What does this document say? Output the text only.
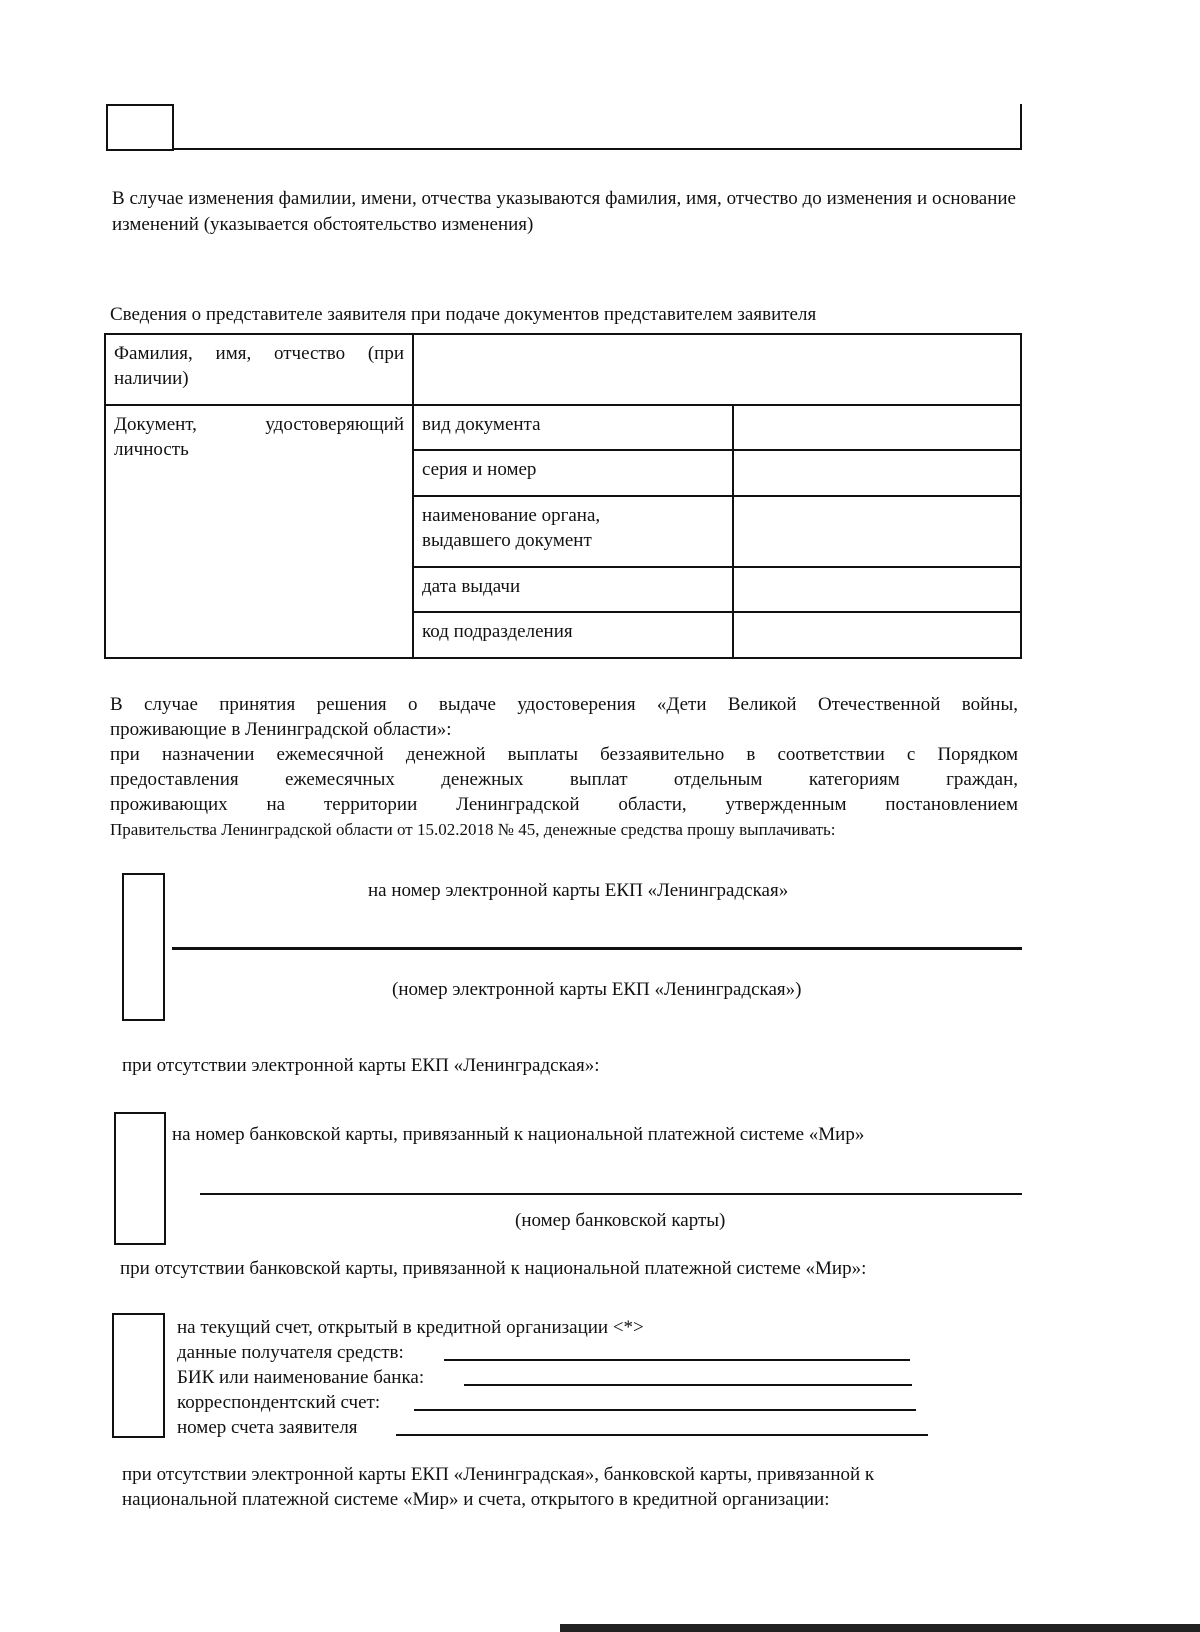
В случае изменения фамилии, имени, отчества указываются фамилия, имя, отчество до изменения и основание изменений (указывается обстоятельство изменения)
Сведения о представителе заявителя при подаче документов представителем заявителя
Фамилия, имя, отчество (при наличии)		

Документ, удостоверяющий личность	вид документа	
	серия и номер	

	наименование органа,
выдавшего документ	

	дата выдачи	
	код подразделения	
В случае принятия решения о выдаче удостоверения «Дети Великой Отечественной войны,
проживающие в Ленинградской области»:
при назначении ежемесячной денежной выплаты беззаявительно в соответствии с Порядком
предоставления ежемесячных денежных выплат отдельным категориям граждан,
проживающих на территории Ленинградской области, утвержденным постановлением
Правительства Ленинградской области от 15.02.2018 № 45, денежные средства прошу выплачивать:
на номер электронной карты ЕКП «Ленинградская»
(номер электронной карты ЕКП «Ленинградская»)
при отсутствии электронной карты ЕКП «Ленинградская»:
на номер банковской карты, привязанный к национальной платежной системе «Мир»
(номер банковской карты)
при отсутствии банковской карты, привязанной к национальной платежной системе «Мир»:
на текущий счет, открытый в кредитной организации <*>
данные получателя средств:
БИК или наименование банка:
корреспондентский счет:
номер счета заявителя
при отсутствии электронной карты ЕКП «Ленинградская», банковской карты, привязанной к
национальной платежной системе «Мир» и счета, открытого в кредитной организации:
